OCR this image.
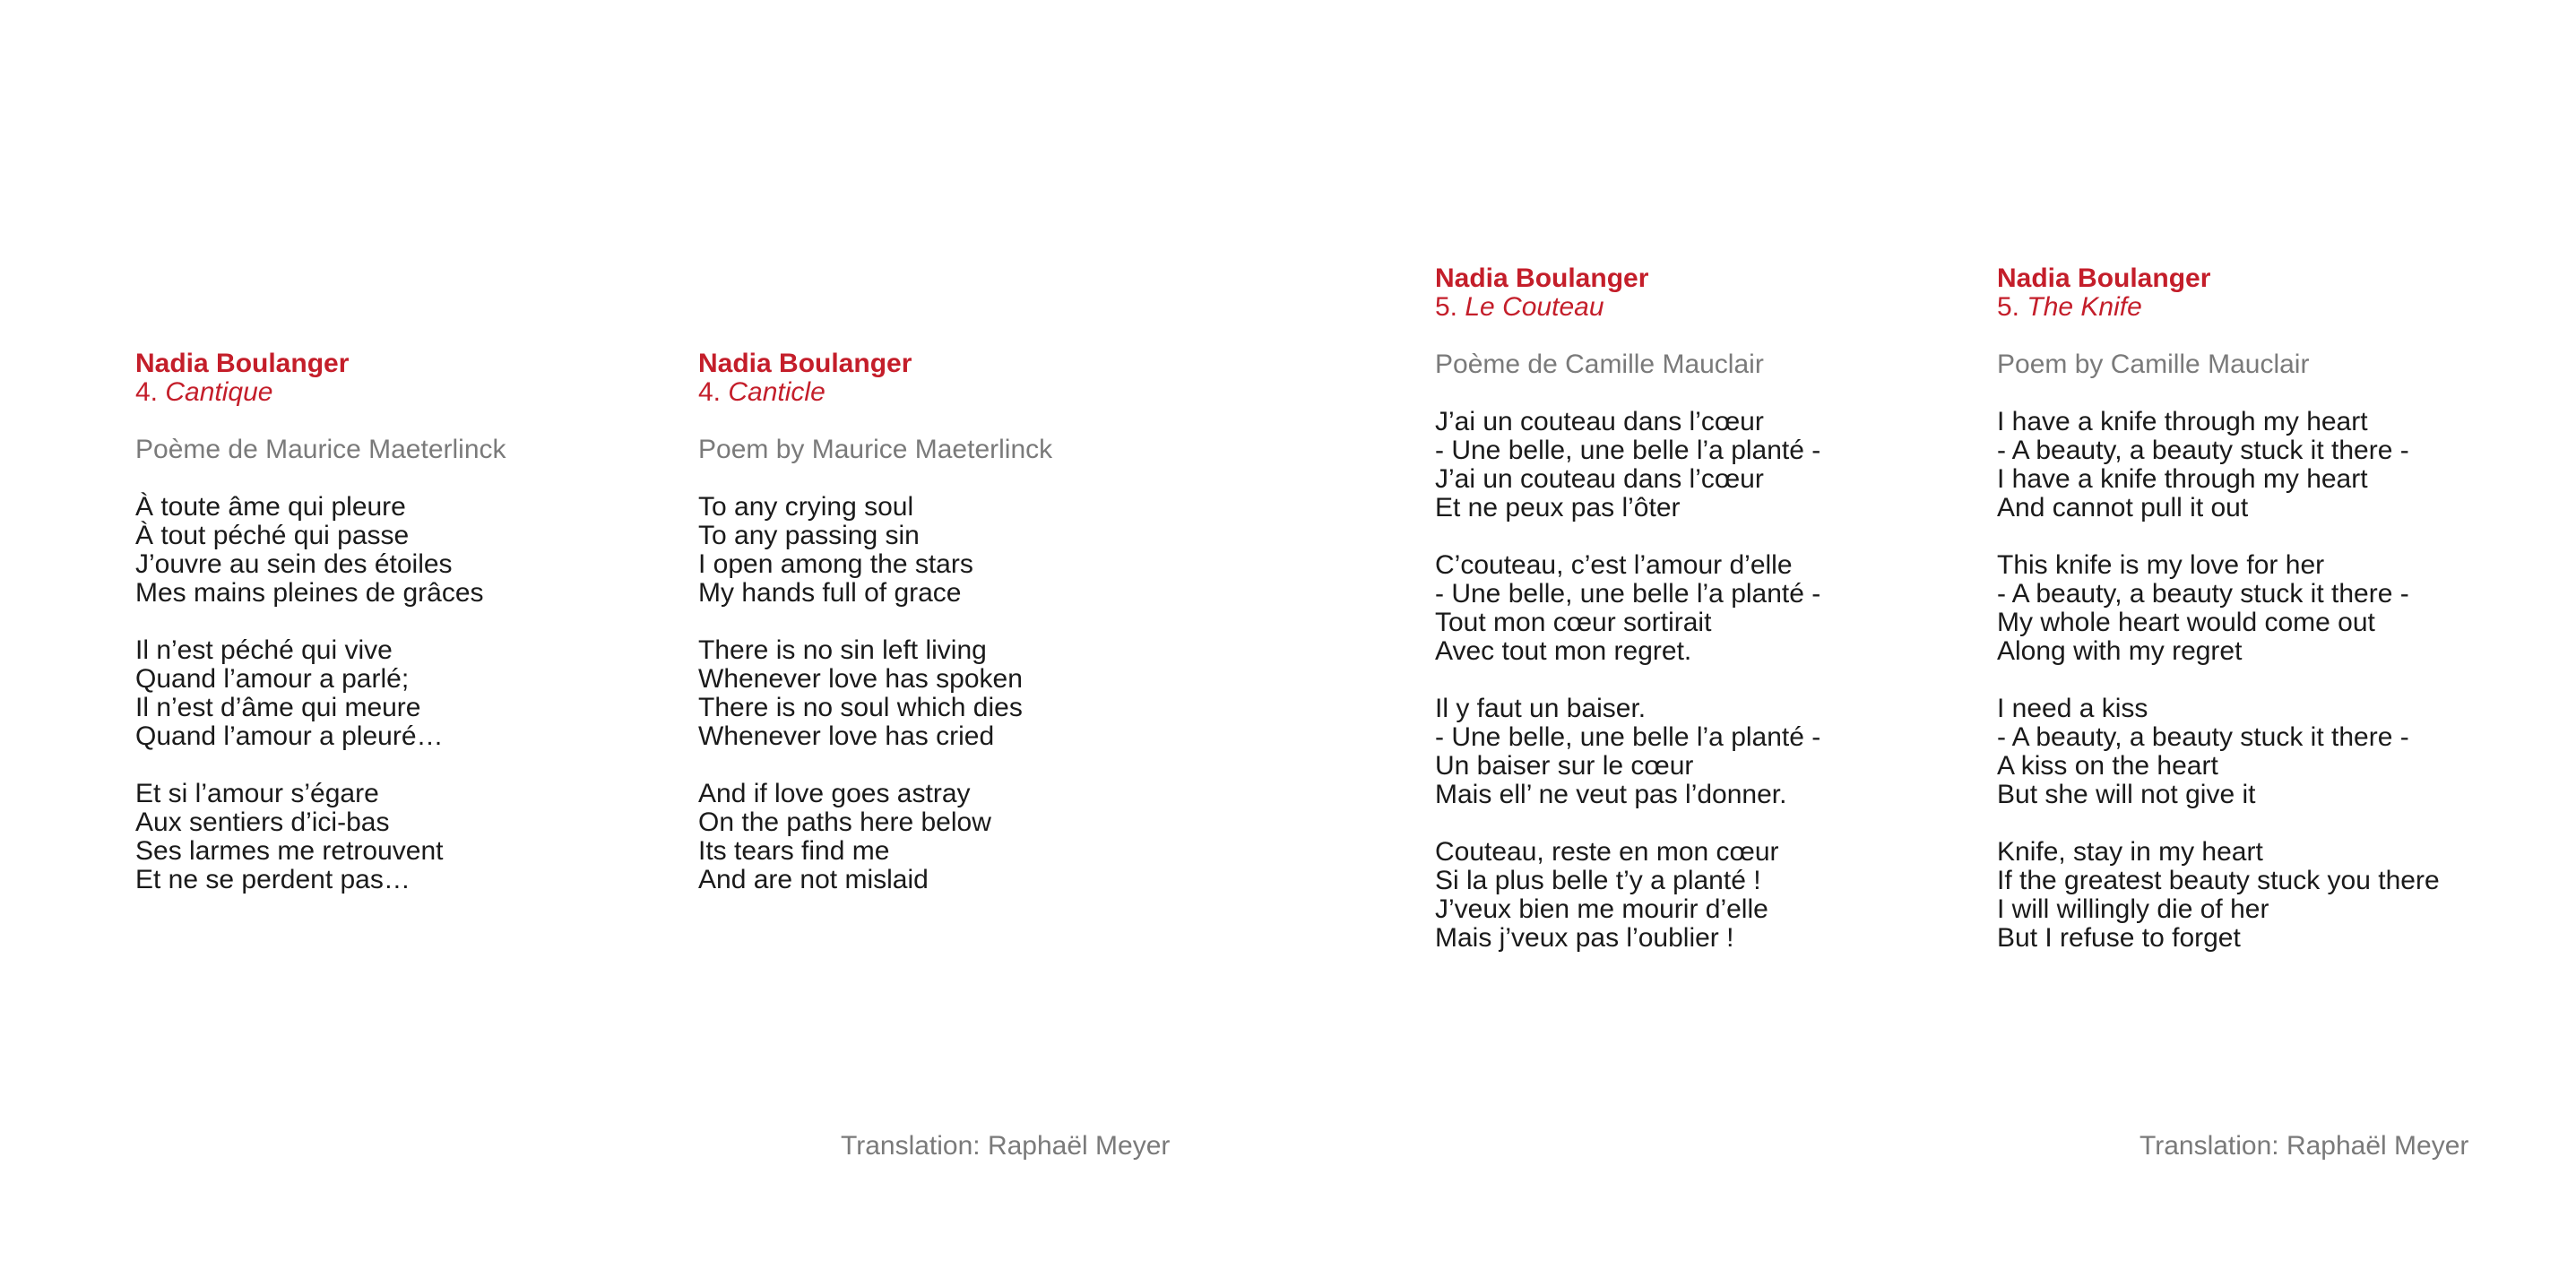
Nadia Boulanger
4. Cantique
Poème de Maurice Maeterlinck
À toute âme qui pleure
À tout péché qui passe
J’ouvre au sein des étoiles
Mes mains pleines de grâces
Il n’est péché qui vive
Quand l’amour a parlé;
Il n’est d’âme qui meure
Quand l’amour a pleuré…
Et si l’amour s’égare
Aux sentiers d’ici-bas
Ses larmes me retrouvent
Et ne se perdent pas…
Nadia Boulanger
4. Canticle
Poem by Maurice Maeterlinck
To any crying soul
To any passing sin
I open among the stars
My hands full of grace
There is no sin left living
Whenever love has spoken
There is no soul which dies
Whenever love has cried
And if love goes astray
On the paths here below
Its tears find me
And are not mislaid
Nadia Boulanger
5. Le Couteau
Poème de Camille Mauclair
J’ai un couteau dans l’cœur
- Une belle, une belle l’a planté -
J’ai un couteau dans l’cœur
Et ne peux pas l’ôter
C’couteau, c’est l’amour d’elle
- Une belle, une belle l’a planté -
Tout mon cœur sortirait
Avec tout mon regret.
Il y faut un baiser.
- Une belle, une belle l’a planté -
Un baiser sur le cœur
Mais ell’ ne veut pas l’donner.
Couteau, reste en mon cœur
Si la plus belle t’y a planté !
J’veux bien me mourir d’elle
Mais j’veux pas l’oublier !
Nadia Boulanger
5. The Knife
Poem by Camille Mauclair
I have a knife through my heart
- A beauty, a beauty stuck it there -
I have a knife through my heart
And cannot pull it out
This knife is my love for her
- A beauty, a beauty stuck it there -
My whole heart would come out
Along with my regret
I need a kiss
- A beauty, a beauty stuck it there -
A kiss on the heart
But she will not give it
Knife, stay in my heart
If the greatest beauty stuck you there
I will willingly die of her
But I refuse to forget
Translation: Raphaël Meyer	Translation: Raphaël Meyer
